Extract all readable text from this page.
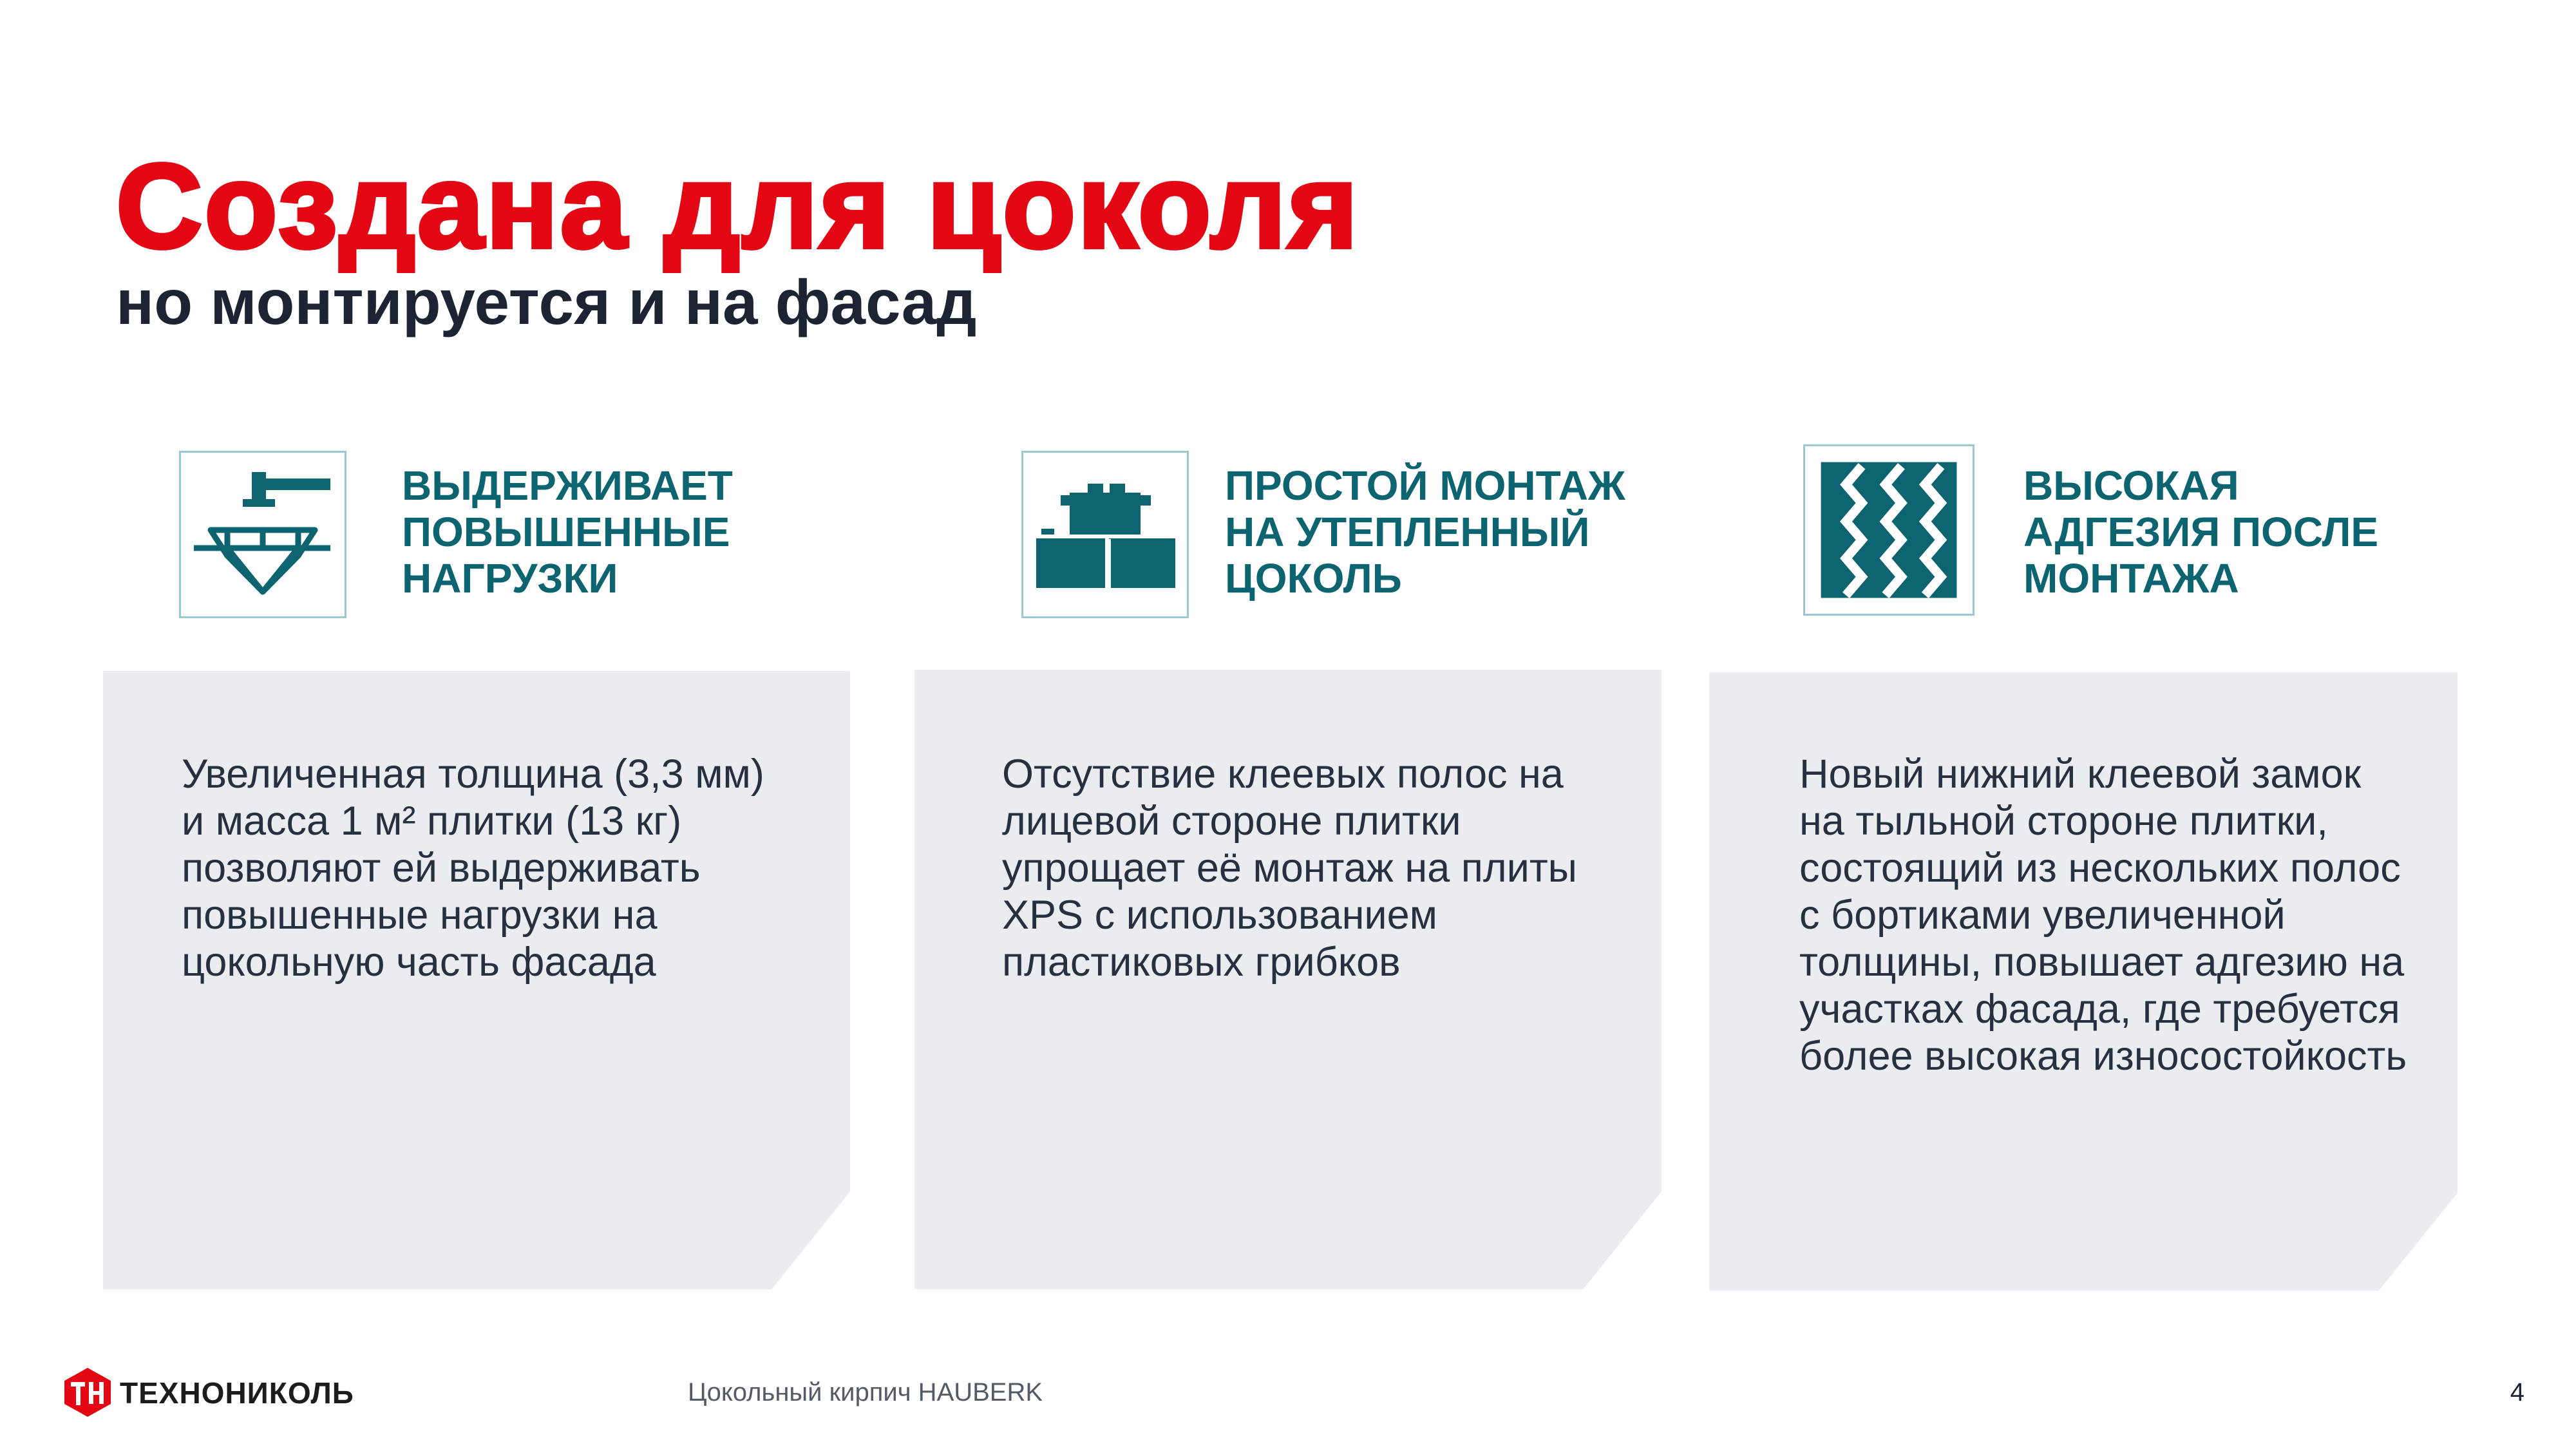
Создана для цоколя
но монтируется и на фасад
ВЫДЕРЖИВАЕТ
ПОВЫШЕННЫЕ
НАГРУЗКИ
ПРОСТОЙ МОНТАЖ
НА УТЕПЛЕННЫЙ
ЦОКОЛЬ
ВЫСОКАЯ
АДГЕЗИЯ ПОСЛЕ
МОНТАЖА
Увеличенная толщина (3,3 мм) и масса 1 м² плитки (13 кг) позволяют ей выдерживать повышенные нагрузки на цокольную часть фасада
Отсутствие клеевых полос на лицевой стороне плитки упрощает её монтаж на плиты XPS с использованием пластиковых грибков
Новый нижний клеевой замок на тыльной стороне плитки, состоящий из нескольких полос с бортиками увеличенной толщины, повышает адгезию на участках фасада, где требуется более высокая износостойкость
ТЕХНОНИКОЛЬ	Цокольный кирпич HAUBERK	4
